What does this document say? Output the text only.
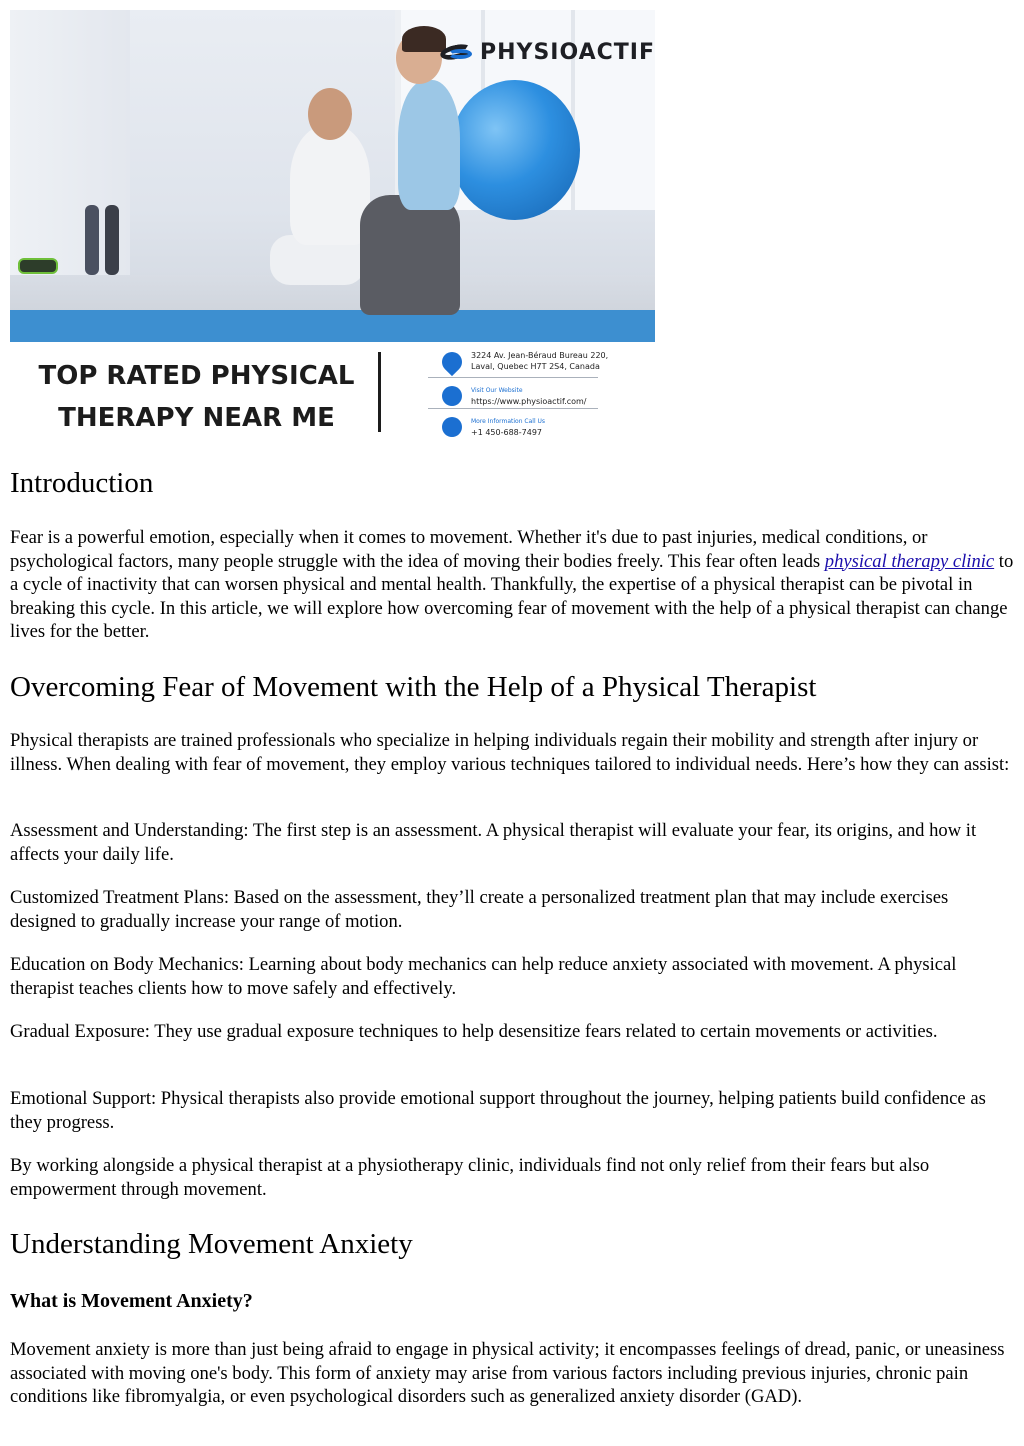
PHYSIOACTIF
TOP RATED PHYSICAL
THERAPY NEAR ME
3224 Av. Jean-Béraud Bureau 220,
Laval, Quebec H7T 2S4, Canada
Visit Our Website
https://www.physioactif.com/
More Information Call Us
+1 450-688-7497
Introduction

Fear is a powerful emotion, especially when it comes to movement. Whether it's due to past injuries, medical conditions, or psychological factors, many people struggle with the idea of moving their bodies freely. This fear often leads physical therapy clinic to a cycle of inactivity that can worsen physical and mental health. Thankfully, the expertise of a physical therapist can be pivotal in breaking this cycle. In this article, we will explore how overcoming fear of movement with the help of a physical therapist can change lives for the better.

Overcoming Fear of Movement with the Help of a Physical Therapist

Physical therapists are trained professionals who specialize in helping individuals regain their mobility and strength after injury or illness. When dealing with fear of movement, they employ various techniques tailored to individual needs. Here’s how they can assist:

Assessment and Understanding: The first step is an assessment. A physical therapist will evaluate your fear, its origins, and how it affects your daily life.

Customized Treatment Plans: Based on the assessment, they’ll create a personalized treatment plan that may include exercises designed to gradually increase your range of motion.

Education on Body Mechanics: Learning about body mechanics can help reduce anxiety associated with movement. A physical therapist teaches clients how to move safely and effectively.

Gradual Exposure: They use gradual exposure techniques to help desensitize fears related to certain movements or activities.

Emotional Support: Physical therapists also provide emotional support throughout the journey, helping patients build confidence as they progress.

By working alongside a physical therapist at a physiotherapy clinic, individuals find not only relief from their fears but also empowerment through movement.

Understanding Movement Anxiety
What is Movement Anxiety?

Movement anxiety is more than just being afraid to engage in physical activity; it encompasses feelings of dread, panic, or uneasiness associated with moving one's body. This form of anxiety may arise from various factors including previous injuries, chronic pain conditions like fibromyalgia, or even psychological disorders such as generalized anxiety disorder (GAD).
